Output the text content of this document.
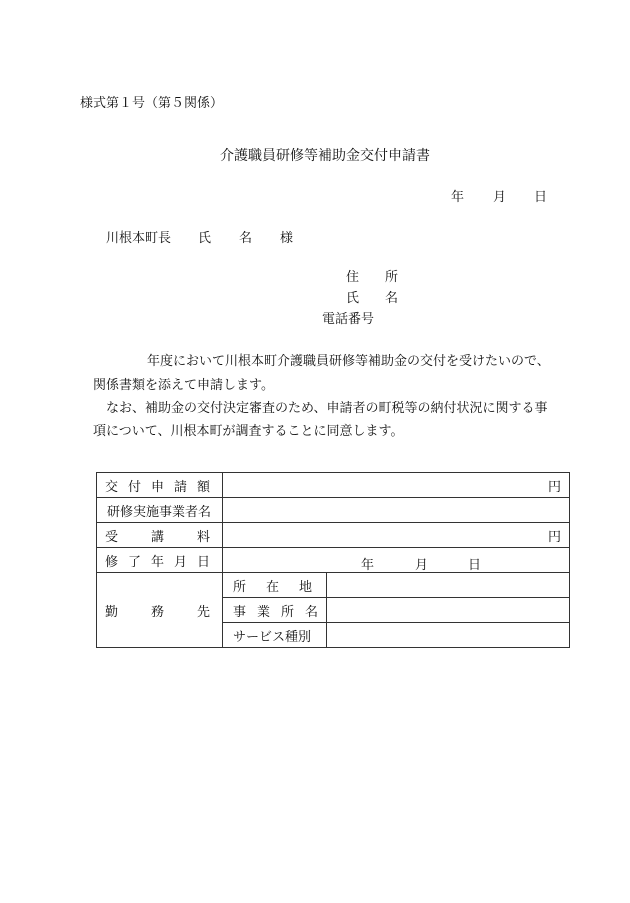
様式第１号（第５関係）
介護職員研修等補助金交付申請書
年 月 日
川根本町長 氏 名 様
住 所
氏 名
電話番号
年度において川根本町介護職員研修等補助金の交付を受けたいので、
関係書類を添えて申請します。
なお、補助金の交付決定審査のため、申請者の町税等の納付状況に関する事
項について、川根本町が調査することに同意します。
交 付 申 請 額	円	
研修実施事業者名		

受 講 料	円	

修 了 年 月 日	年 月 日	

勤 務 先	所 在 地	

	事 業 所 名	

	サービス種別	
